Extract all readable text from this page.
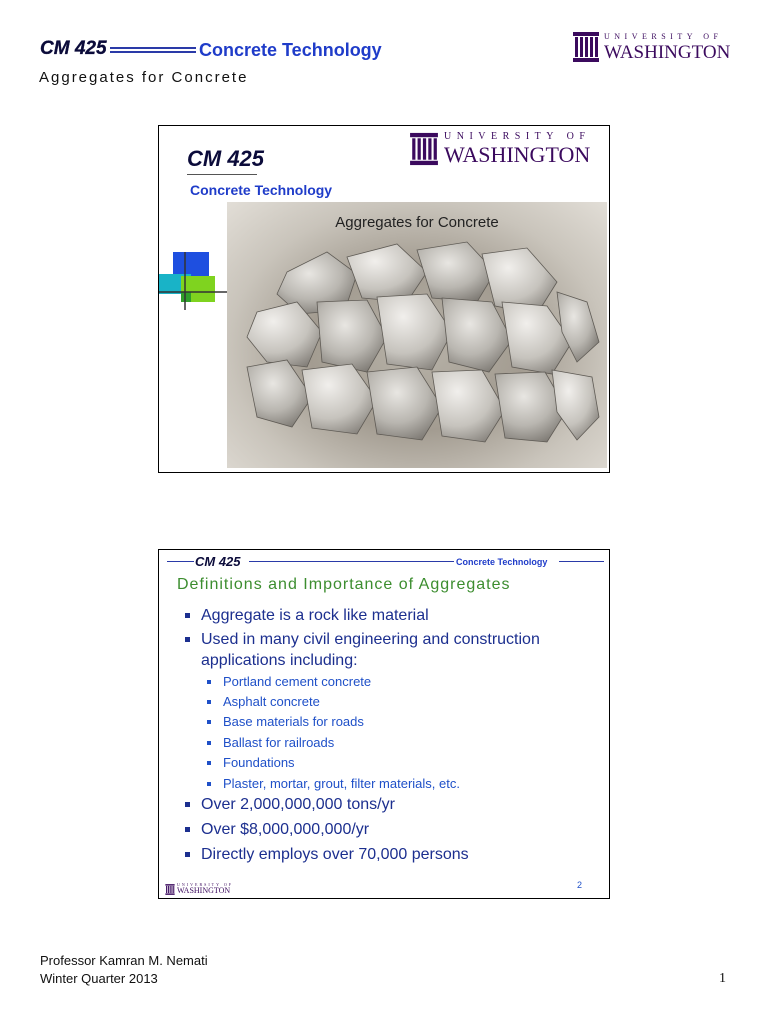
CM 425	Concrete Technology
Aggregates for Concrete
UNIVERSITY OF
WASHINGTON
CM 425
Concrete Technology
UNIVERSITY OF
WASHINGTON
Aggregates for Concrete
CM 425	Concrete Technology
Definitions and Importance of Aggregates
Aggregate is a rock like material
Used in many civil engineering and construction
applications including:
Portland cement concrete
Asphalt concrete
Base materials for roads
Ballast for railroads
Foundations
Plaster, mortar, grout, filter materials, etc.
Over 2,000,000,000 tons/yr
Over $8,000,000,000/yr
Directly employs over 70,000 persons
UNIVERSITY OF
WASHINGTON
2
Professor Kamran M. Nemati
Winter Quarter 2013	1
